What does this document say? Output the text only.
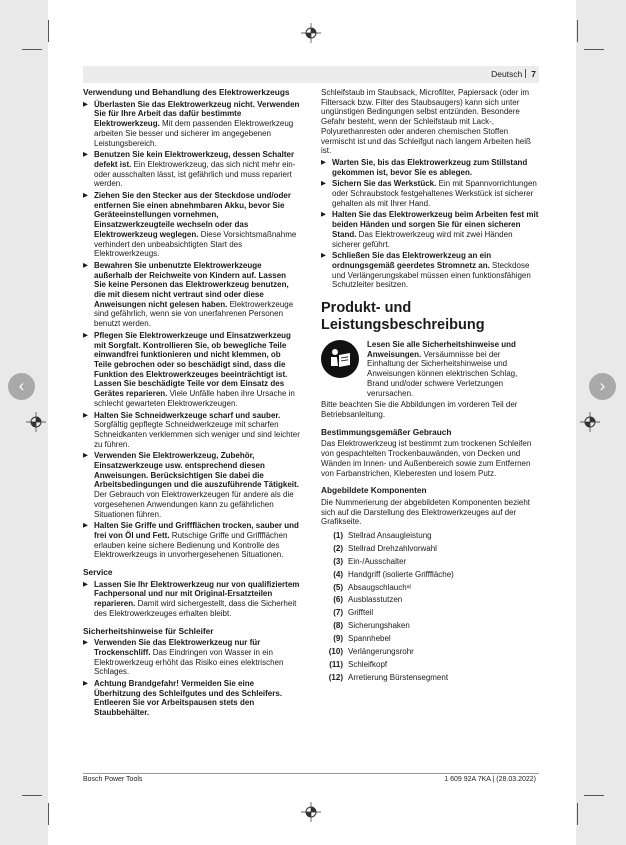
‹	›
Deutsch 7
Verwendung und Behandlung des Elektrowerkzeugs
▶ Überlasten Sie das Elektrowerkzeug nicht. Verwenden Sie für Ihre Arbeit das dafür bestimmte Elektrowerkzeug. Mit dem passenden Elektrowerkzeug arbeiten Sie besser und sicherer im angegebenen Leistungsbereich.
▶ Benutzen Sie kein Elektrowerkzeug, dessen Schalter defekt ist. Ein Elektrowerkzeug, das sich nicht mehr ein- oder ausschalten lässt, ist gefährlich und muss repariert werden.
▶ Ziehen Sie den Stecker aus der Steckdose und/oder entfernen Sie einen abnehmbaren Akku, bevor Sie Geräteeinstellungen vornehmen, Einsatzwerkzeugteile wechseln oder das Elektrowerkzeug weglegen. Diese Vorsichtsmaßnahme verhindert den unbeabsichtigten Start des Elektrowerkzeugs.
▶ Bewahren Sie unbenutzte Elektrowerkzeuge außerhalb der Reichweite von Kindern auf. Lassen Sie keine Personen das Elektrowerkzeug benutzen, die mit diesem nicht vertraut sind oder diese Anweisungen nicht gelesen haben. Elektrowerkzeuge sind gefährlich, wenn sie von unerfahrenen Personen benutzt werden.
▶ Pflegen Sie Elektrowerkzeuge und Einsatzwerkzeug mit Sorgfalt. Kontrollieren Sie, ob bewegliche Teile einwandfrei funktionieren und nicht klemmen, ob Teile gebrochen oder so beschädigt sind, dass die Funktion des Elektrowerkzeuges beeinträchtigt ist. Lassen Sie beschädigte Teile vor dem Einsatz des Gerätes reparieren. Viele Unfälle haben ihre Ursache in schlecht gewarteten Elektrowerkzeugen.
▶ Halten Sie Schneidwerkzeuge scharf und sauber. Sorgfältig gepflegte Schneidwerkzeuge mit scharfen Schneidkanten verklemmen sich weniger und sind leichter zu führen.
▶ Verwenden Sie Elektrowerkzeug, Zubehör, Einsatzwerkzeuge usw. entsprechend diesen Anweisungen. Berücksichtigen Sie dabei die Arbeitsbedingungen und die auszuführende Tätigkeit. Der Gebrauch von Elektrowerkzeugen für andere als die vorgesehenen Anwendungen kann zu gefährlichen Situationen führen.
▶ Halten Sie Griffe und Griffflächen trocken, sauber und frei von Öl und Fett. Rutschige Griffe und Griffflächen erlauben keine sichere Bedienung und Kontrolle des Elektrowerkzeugs in unvorhergesehenen Situationen.
Service
▶ Lassen Sie Ihr Elektrowerkzeug nur von qualifiziertem Fachpersonal und nur mit Original-Ersatzteilen reparieren. Damit wird sichergestellt, dass die Sicherheit des Elektrowerkzeuges erhalten bleibt.
Sicherheitshinweise für Schleifer
▶ Verwenden Sie das Elektrowerkzeug nur für Trockenschliff. Das Eindringen von Wasser in ein Elektrowerkzeug erhöht das Risiko eines elektrischen Schlages.
▶ Achtung Brandgefahr! Vermeiden Sie eine Überhitzung des Schleifgutes und des Schleifers. Entleeren Sie vor Arbeitspausen stets den Staubbehälter.
Schleifstaub im Staubsack, Microfilter, Papiersack (oder im Filtersack bzw. Filter des Staubsaugers) kann sich unter ungünstigen Bedingungen selbst entzünden. Besondere Gefahr besteht, wenn der Schleifstaub mit Lack-, Polyurethanresten oder anderen chemischen Stoffen vermischt ist und das Schleifgut nach langem Arbeiten heiß ist.
▶ Warten Sie, bis das Elektrowerkzeug zum Stillstand gekommen ist, bevor Sie es ablegen.
▶ Sichern Sie das Werkstück. Ein mit Spannvorrichtungen oder Schraubstock festgehaltenes Werkstück ist sicherer gehalten als mit Ihrer Hand.
▶ Halten Sie das Elektrowerkzeug beim Arbeiten fest mit beiden Händen und sorgen Sie für einen sicheren Stand. Das Elektrowerkzeug wird mit zwei Händen sicherer geführt.
▶ Schließen Sie das Elektrowerkzeug an ein ordnungsgemäß geerdetes Stromnetz an. Steckdose und Verlängerungskabel müssen einen funktionsfähigen Schutzleiter besitzen.
Produkt- und Leistungsbeschreibung
Lesen Sie alle Sicherheitshinweise und Anweisungen. Versäumnisse bei der Einhaltung der Sicherheitshinweise und Anweisungen können elektrischen Schlag, Brand und/oder schwere Verletzungen verursachen.
Bitte beachten Sie die Abbildungen im vorderen Teil der Betriebsanleitung.
Bestimmungsgemäßer Gebrauch
Das Elektrowerkzeug ist bestimmt zum trockenen Schleifen von gespachtelten Trockenbauwänden, von Decken und Wänden im Innen- und Außenbereich sowie zum Entfernen von Farbanstrichen, Kleberesten und losem Putz.
Abgebildete Komponenten
Die Nummerierung der abgebildeten Komponenten bezieht sich auf die Darstellung des Elektrowerkzeuges auf der Grafikseite.
(1) Stellrad Ansaugleistung
(2) Stellrad Drehzahlvorwahl
(3) Ein-/Ausschalter
(4) Handgriff (isolierte Grifffläche)
(5) Absaugschlauch a)
(6) Ausblasstutzen
(7) Griffteil
(8) Sicherungshaken
(9) Spannhebel
(10) Verlängerungsrohr
(11) Schleifkopf
(12) Arretierung Bürstensegment
Bosch Power Tools	1 609 92A 7KA | (28.03.2022)
